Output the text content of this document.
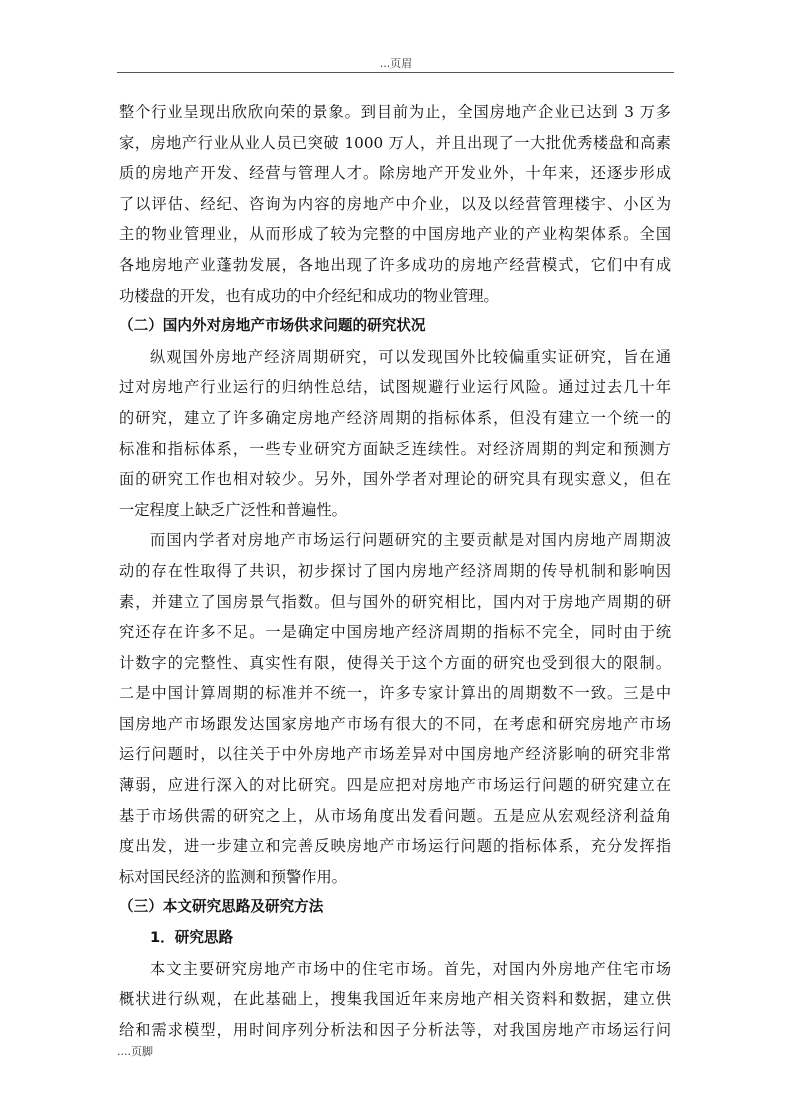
...页眉
整个行业呈现出欣欣向荣的景象。到目前为止，全国房地产企业已达到 3 万多
家，房地产行业从业人员已突破 1000 万人，并且出现了一大批优秀楼盘和高素
质的房地产开发、经营与管理人才。除房地产开发业外，十年来，还逐步形成
了以评估、经纪、咨询为内容的房地产中介业，以及以经营管理楼宇、小区为
主的物业管理业，从而形成了较为完整的中国房地产业的产业构架体系。全国
各地房地产业蓬勃发展，各地出现了许多成功的房地产经营模式，它们中有成
功楼盘的开发，也有成功的中介经纪和成功的物业管理。
（二）国内外对房地产市场供求问题的研究状况
纵观国外房地产经济周期研究，可以发现国外比较偏重实证研究，旨在通
过对房地产行业运行的归纳性总结，试图规避行业运行风险。通过过去几十年
的研究，建立了许多确定房地产经济周期的指标体系，但没有建立一个统一的
标准和指标体系，一些专业研究方面缺乏连续性。对经济周期的判定和预测方
面的研究工作也相对较少。另外，国外学者对理论的研究具有现实意义，但在
一定程度上缺乏广泛性和普遍性。
而国内学者对房地产市场运行问题研究的主要贡献是对国内房地产周期波
动的存在性取得了共识，初步探讨了国内房地产经济周期的传导机制和影响因
素，并建立了国房景气指数。但与国外的研究相比，国内对于房地产周期的研
究还存在许多不足。一是确定中国房地产经济周期的指标不完全，同时由于统
计数字的完整性、真实性有限，使得关于这个方面的研究也受到很大的限制。
二是中国计算周期的标准并不统一，许多专家计算出的周期数不一致。三是中
国房地产市场跟发达国家房地产市场有很大的不同，在考虑和研究房地产市场
运行问题时，以往关于中外房地产市场差异对中国房地产经济影响的研究非常
薄弱，应进行深入的对比研究。四是应把对房地产市场运行问题的研究建立在
基于市场供需的研究之上，从市场角度出发看问题。五是应从宏观经济利益角
度出发，进一步建立和完善反映房地产市场运行问题的指标体系，充分发挥指
标对国民经济的监测和预警作用。
（三）本文研究思路及研究方法
1．研究思路
本文主要研究房地产市场中的住宅市场。首先，对国内外房地产住宅市场
概状进行纵观，在此基础上，搜集我国近年来房地产相关资料和数据，建立供
给和需求模型，用时间序列分析法和因子分析法等，对我国房地产市场运行问
....页脚
